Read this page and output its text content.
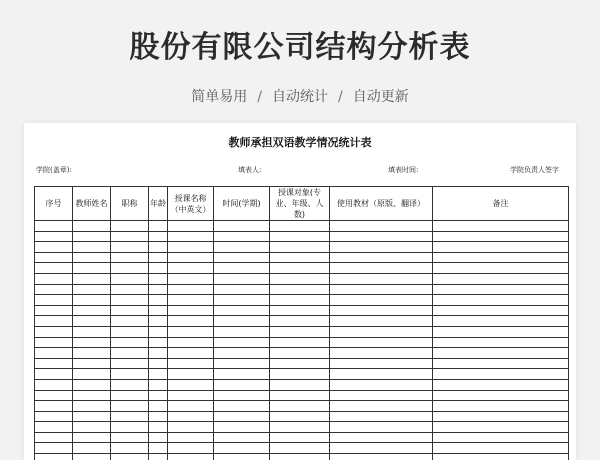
股份有限公司结构分析表
简单易用 / 自动统计 / 自动更新
教师承担双语教学情况统计表
学院(盖章):	填表人:	填表时间:	学院负责人签字
序号	教师姓名	职称	年龄	授课名称（中英文）	时间(学期)	授课对象(专业、年级、人数)	使用教材（原版、翻译）	备注
